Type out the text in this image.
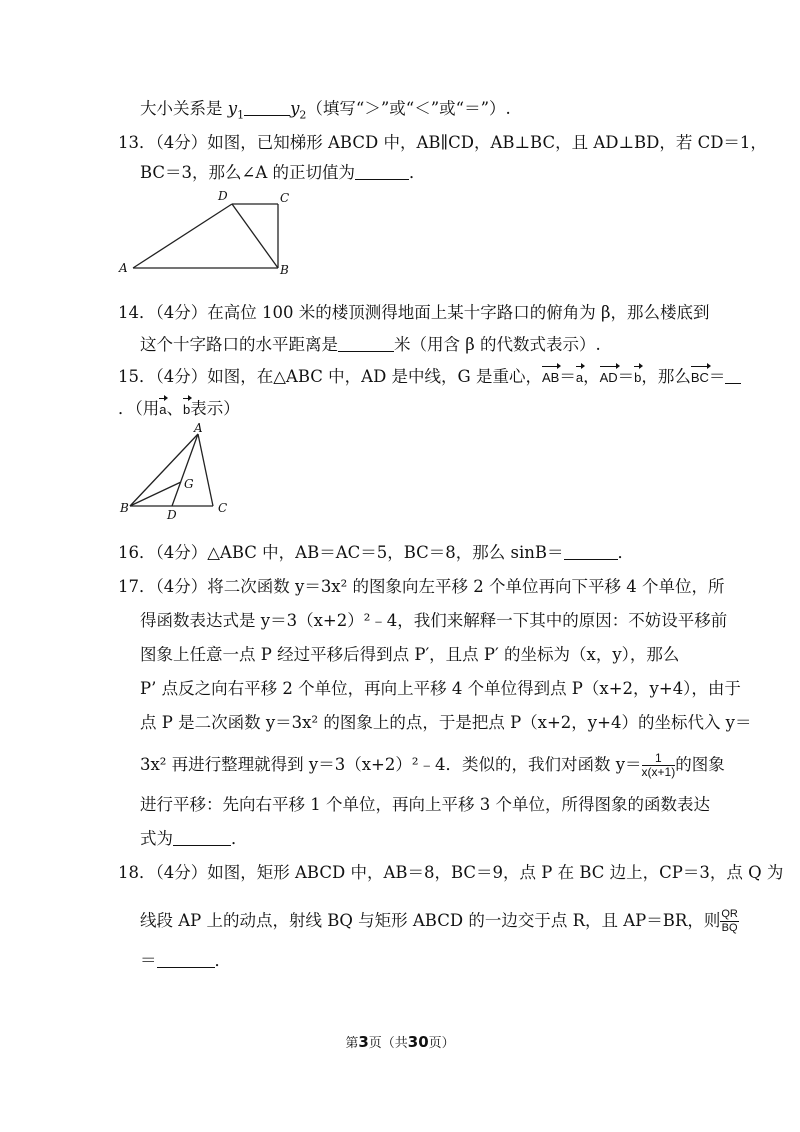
大小关系是 $y_1$	$y_2$（填写“＞”或“＜”或“＝”）.
13．（4分）如图，已知梯形 ABCD 中，AB∥CD，AB⊥BC，且 AD⊥BD，若 CD＝1，
BC＝3，那么∠A 的正切值为	．
A	B
C
D
14．（4分）在高位 100 米的楼顶测得地面上某十字路口的俯角为 β，那么楼底到
这个十字路口的水平距离是	米（用含 β 的代数式表示）.
15．（4分）如图，在△ABC 中，AD 是中线，G 是重心，AB＝a，AD＝b，那么BC＝
．（用a、b表示）
A
B	C
D
G
16．（4分）△ABC 中，AB＝AC＝5，BC＝8，那么 sinB＝	．
17．（4分）将二次函数 y＝3x² 的图象向左平移 2 个单位再向下平移 4 个单位，所
得函数表达式是 y＝3（x+2）²﹣4，我们来解释一下其中的原因：不妨设平移前
图象上任意一点 P 经过平移后得到点 P′，且点 P′ 的坐标为（x，y），那么
P’ 点反之向右平移 2 个单位，再向上平移 4 个单位得到点 P（x+2，y+4），由于
点 P 是二次函数 y＝3x² 的图象上的点，于是把点 P（x+2，y+4）的坐标代入 y＝
3x² 再进行整理就得到 y＝3（x+2）²﹣4．类似的，我们对函数 $y= \frac{1}{x(x+1)}$ 的图象
进行平移：先向右平移 1 个单位，再向上平移 3 个单位，所得图象的函数表达
式为	．
18．（4分）如图，矩形 ABCD 中，AB＝8，BC＝9，点 P 在 BC 边上，CP＝3，点 Q 为
线段 AP 上的动点，射线 BQ 与矩形 ABCD 的一边交于点 R，且 AP＝BR，则 $\frac{QR}{BQ}$
＝	．
第3页（共30页）
